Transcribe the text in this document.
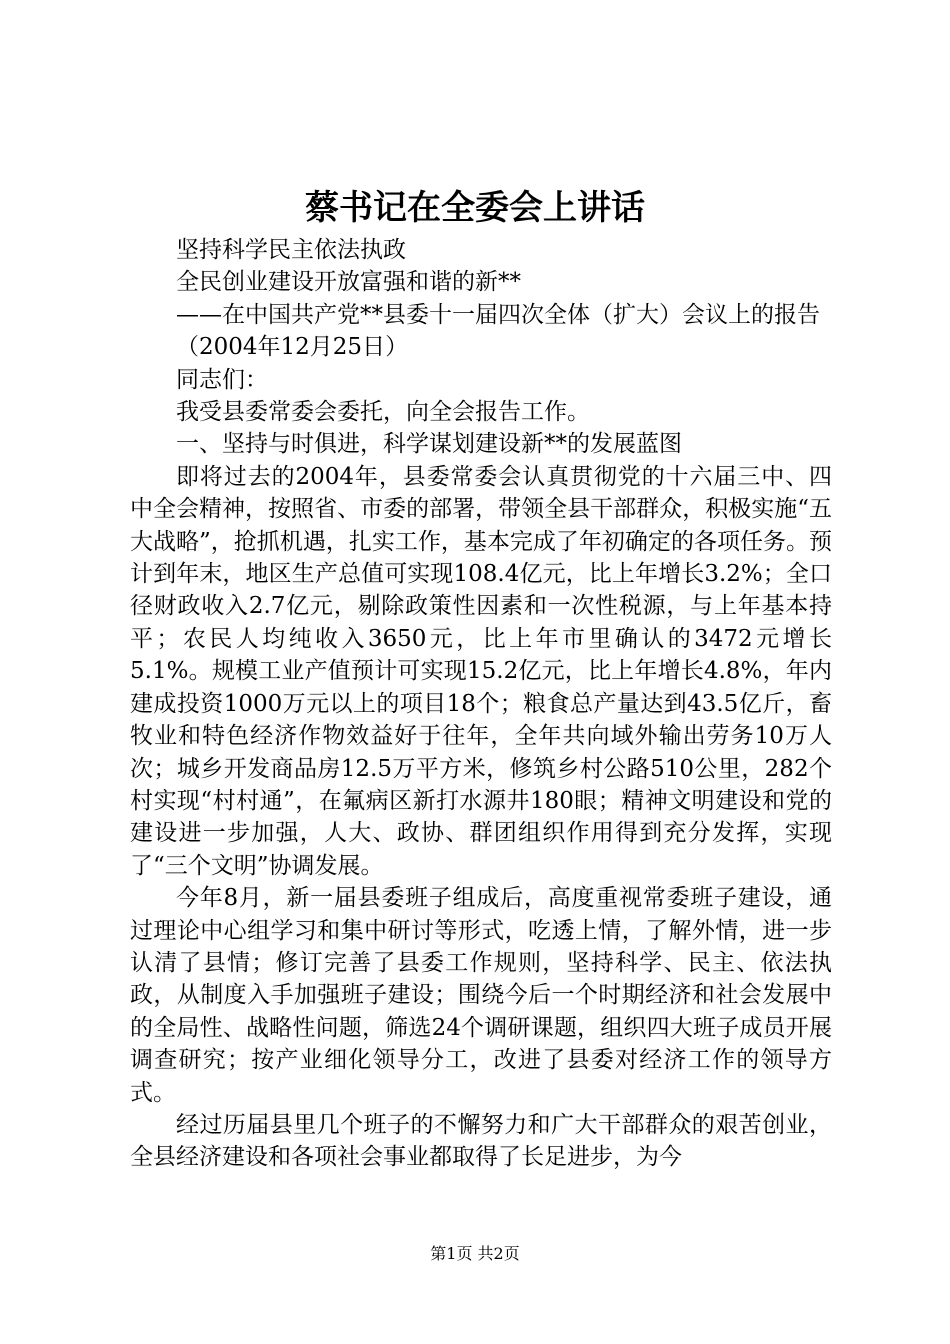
蔡书记在全委会上讲话

坚持科学民主依法执政

全民创业建设开放富强和谐的新**

——在中国共产党**县委十一届四次全体（扩大）会议上的报告

（2004年12月25日）

同志们：

我受县委常委会委托，向全会报告工作。

一、坚持与时俱进，科学谋划建设新**的发展蓝图

即将过去的2004年，县委常委会认真贯彻党的十六届三中、四中全会精神，按照省、市委的部署，带领全县干部群众，积极实施“五大战略”，抢抓机遇，扎实工作，基本完成了年初确定的各项任务。预计到年末，地区生产总值可实现108.4亿元，比上年增长3.2%；全口径财政收入2.7亿元，剔除政策性因素和一次性税源，与上年基本持平；农民人均纯收入3650元，比上年市里确认的3472元增长5.1%。规模工业产值预计可实现15.2亿元，比上年增长4.8%，年内建成投资1000万元以上的项目18个；粮食总产量达到43.5亿斤，畜牧业和特色经济作物效益好于往年，全年共向域外输出劳务10万人次；城乡开发商品房12.5万平方米，修筑乡村公路510公里，282个村实现“村村通”，在氟病区新打水源井180眼；精神文明建设和党的建设进一步加强，人大、政协、群团组织作用得到充分发挥，实现了“三个文明”协调发展。

今年8月，新一届县委班子组成后，高度重视常委班子建设，通过理论中心组学习和集中研讨等形式，吃透上情，了解外情，进一步认清了县情；修订完善了县委工作规则，坚持科学、民主、依法执政，从制度入手加强班子建设；围绕今后一个时期经济和社会发展中的全局性、战略性问题，筛选24个调研课题，组织四大班子成员开展调查研究；按产业细化领导分工，改进了县委对经济工作的领导方式。

经过历届县里几个班子的不懈努力和广大干部群众的艰苦创业，全县经济建设和各项社会事业都取得了长足进步，为今

第1页 共2页
